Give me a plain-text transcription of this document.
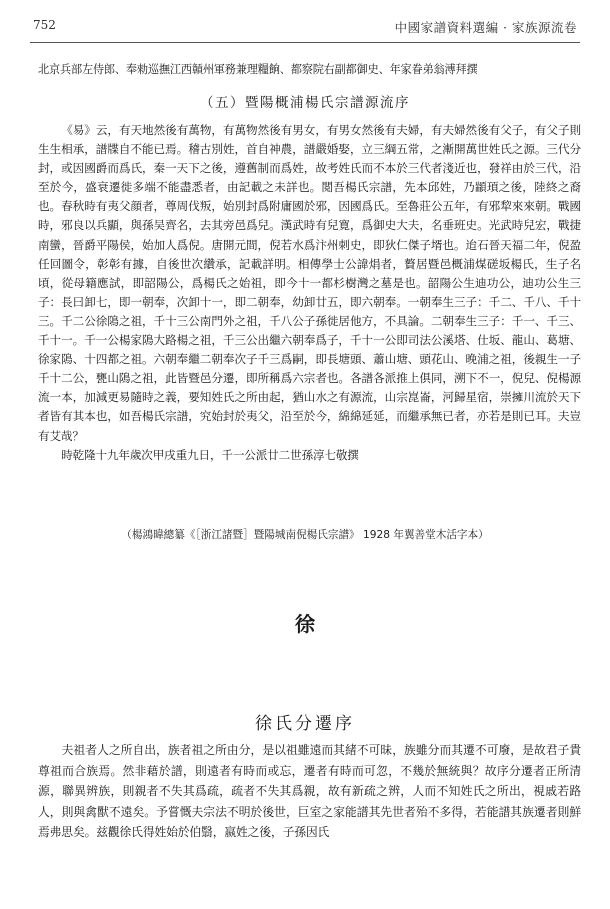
752	中國家譜資料選編 · 家族源流卷
北京兵部左侍郎、奉勑巡撫江西贑州軍務兼理糧餉、都察院右副都御史、年家眷弟翁溥拜撰
（五）暨陽概浦楊氏宗譜源流序

《易》云，有天地然後有萬物，有萬物然後有男女，有男女然後有夫婦，有夫婦然後有父子，有父子則生生相承，譜牒自不能已焉。稽古別姓，首自神農，譜嚴婚娶，立三綱五常，之漸開萬世姓氏之源。三代分封，或因國爵而爲氏，秦一天下之後，遵舊制而爲姓，故考姓氏而不本於三代者淺近也，發祥由於三代，沿至於今，盛衰遷徙多端不能盡悉者，由記載之未詳也。閲吾楊氏宗譜，先本邱姓，乃顓頊之後，陸終之裔也。春秋時有夷父顔者，尊周伐叛，始別封爲附庸國於邪，因國爲氏。至魯莊公五年，有邪犂來來朝。戰國時，邪良以兵顯，與孫吴齊名，去其旁邑爲兒。漢武時有兒寛，爲御史大夫，名垂班史。光武時兒宏，戰捷南蠻，晉爵平陽侯，始加人爲倪。唐開元間，倪若水爲汴州刺史，即狄仁傑子壻也。迨石晉天福二年，倪盈任回圖令，彰彰有據，自後世次纘承，記載詳明。相傳學士公諱焆者，贅居暨邑概浦煤磋坂楊氏，生子名頃，從母籍應試，即韶陽公，爲楊氏之始祖，即今十一都杉樹灣之墓是也。韶陽公生迪功公，迪功公生三子：長曰卸七，即一朝奉，次卸十一，即二朝奉，幼卸廿五，即六朝奉。一朝奉生三子：千二、千八、千十三。千二公徐隝之祖，千十三公南門外之祖，千八公子孫徙居他方，不具論。二朝奉生三子：千一、千三、千十一。千一公楊家隝大路楊之祖，千三公出繼六朝奉爲子，千十一公即司法公溪塔、仕坂、龍山、葛塘、徐家隝、十四都之祖。六朝奉繼二朝奉次子千三爲嗣，即長塘頭、蕭山塘、頭花山、晚浦之祖，後親生一子千十二公，甕山隝之祖，此皆暨邑分遷，即所稱爲六宗者也。各譜各派推上俱同，溯下不一，倪兒、倪楊源流一本，加減更易隨時之義，要知姓氏之所由起，猶山水之有源流，山宗崑崙，河歸星宿，崇擁川流於天下者皆有其本也，如吾楊氏宗譜，究始封於夷父，沿至於今，綿綿延延，而繼承無已者，亦若是則已耳。夫豈有艾哉？

時乾隆十九年歲次甲戌重九日，千一公派廿二世孫淳七敬撰

（楊鴻暐總纂《［浙江諸暨］暨陽城南倪楊氏宗譜》 1928 年翼善堂木活字本）
徐
徐氏分遷序

夫祖者人之所自出，族者祖之所由分，是以祖雖遠而其緒不可昧，族雖分而其遷不可廢，是故君子貴尊祖而合族焉。然非藉於譜，則遠者有時而或忘，遷者有時而可忽，不幾於無統與？故序分遷者正所清源，聯異辨族，則親者不失其爲疏，疏者不失其爲親，故有新疏之辨，人而不知姓氏之所出，視戚若路人，則與禽獸不遠矣。予嘗慨夫宗法不明於後世，巨室之家能譜其先世者殆不多得，若能譜其族遷者則鮮焉弗思矣。兹觀徐氏得姓始於伯翳，嬴姓之後，子孫因氏
